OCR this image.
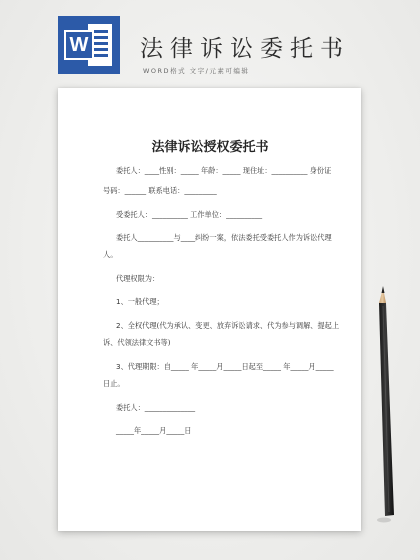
W 法律诉讼委托书
WORD格式 文字/元素可编辑
法律诉讼授权委托书
委托人：____性别：_____ 年龄：_____ 现住址：__________ 身份证
号码：______ 联系电话：_________
受委托人：__________ 工作单位：__________
委托人__________与____纠纷一案，依法委托受委托人作为诉讼代理
人。
代理权限为：
1、一般代理；
2、全权代理(代为承认、变更、放弃诉讼请求、代为参与调解、提起上
诉、代领法律文书等)
3、代理期限：自_____ 年_____月_____日起至_____ 年_____月_____
日止。
委托人：______________
_____年_____月_____日
